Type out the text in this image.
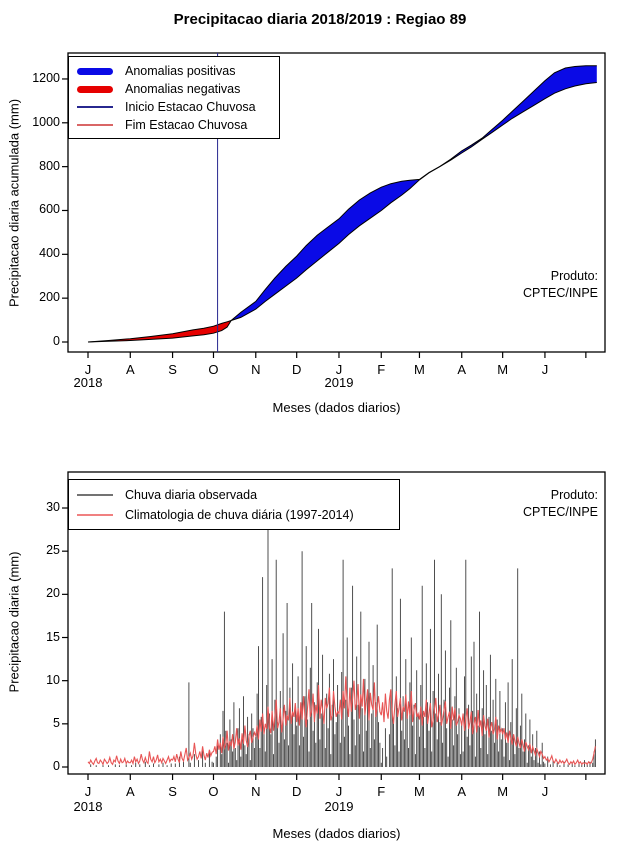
Precipitacao diaria 2018/2019 : Regiao 89
Precipitacao diaria acumulada (mm)
Meses (dados diarios)
2018	2019
Anomalias positivas
Anomalias negativas
Inicio Estacao Chuvosa
Fim Estacao Chuvosa
Produto:
CPTEC/INPE
Precipitacao diaria (mm)
Meses (dados diarios)
2018	2019
Chuva diaria observada
Climatologia de chuva diária (1997-2014)
Produto:
CPTEC/INPE
0
200
400
600
800
1000
1200
J	A	S	O	N	D	J	F	M	A	M	J
0
5
10
15
20
25
30
J	A	S	O	N	D	J	F	M	A	M	J
